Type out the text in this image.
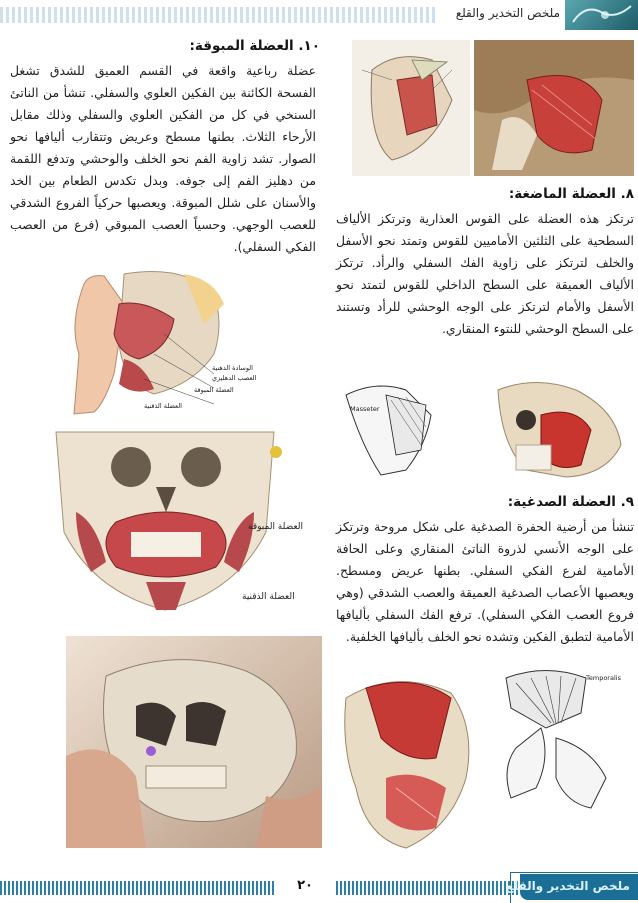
ملخص التخدير والقلع
١٠. العضلة المبوقة:
عضلة رباعية واقعة في القسم العميق للشدق تشغل الفسحة الكائنة بين الفكين العلوي والسفلي. تنشأ من الناتئ السنخي في كل من الفكين العلوي والسفلي وذلك مقابل الأرحاء الثلاث. بطنها مسطح وعريض وتتقارب أليافها نحو الصوار. تشد زاوية الفم نحو الخلف والوحشي وتدفع اللقمة من دهليز الفم إلى جوفه. وبدل تكدس الطعام بين الخد والأسنان على شلل المبوقة. ويعصبها حركياً الفروع الشدقي للعصب الوجهي. وحسياً العصب المبوقي (فرع من العصب الفكي السفلي).
الوسادة الدهنية
العصب الدهليزي
العضلة المبوقة
العضلة الذقنية	Masseter
٨. العضلة الماضغة:
ترتكز هذه العضلة على القوس العذارية وترتكز الألياف السطحية على الثلثين الأماميين للقوس وتمتد نحو الأسفل والخلف لترتكز على زاوية الفك السفلي والرأد. ترتكز الألياف العميقة على السطح الداخلي للقوس لتمتد نحو الأسفل والأمام لترتكز على الوجه الوحشي للرأد وتستند على السطح الوحشي للنتوء المنقاري.
العضلة المبوقة
العضلة الذقنية
٩. العضلة الصدغية:
تنشأ من أرضية الحفرة الصدغية على شكل مروحة وترتكز على الوجه الأنسي لذروة الناتئ المنقاري وعلى الحافة الأمامية لفرع الفكي السفلي. بطنها عريض ومسطح. ويعصبها الأعصاب الصدغية العميقة والعصب الشدقي (وهي فروع العصب الفكي السفلي). ترفع الفك السفلي بأليافها الأمامية لتطبق الفكين وتشده نحو الخلف بأليافها الخلفية.
Temporalis
ملخص التخدير والقلع
٢٠
